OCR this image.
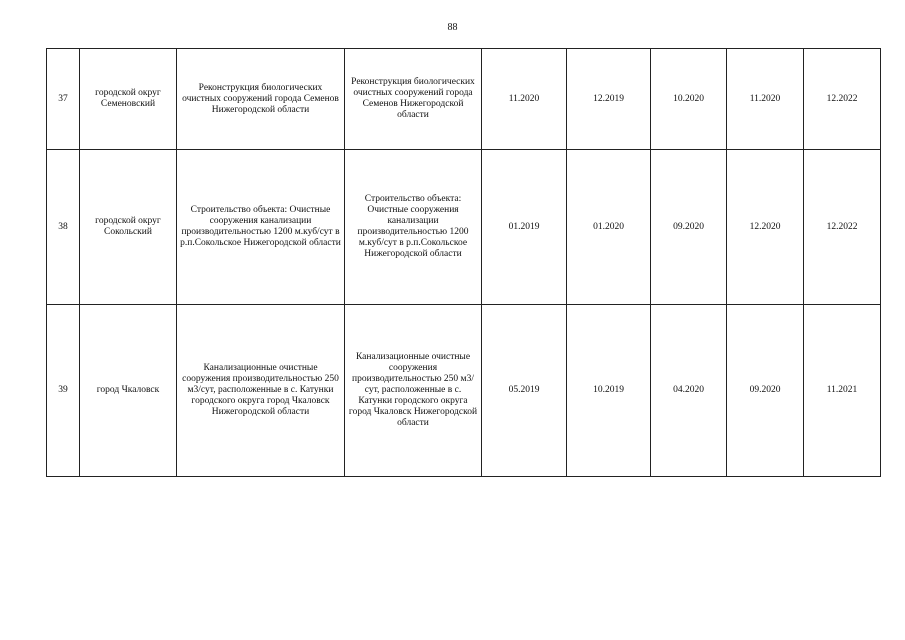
88
37	городской округ Семеновский	Реконструкция биологических очистных сооружений города Семенов Нижегородской области	Реконструкция биологических очистных сооружений города Семенов Нижегородской области	11.2020	12.2019	10.2020	11.2020	12.2022
38	городской округ Сокольский	Строительство объекта: Очистные сооружения канализации производительностью 1200 м.куб/сут в р.п.Сокольское Нижегородской области	Строительство объекта: Очистные сооружения канализации производительностью 1200 м.куб/сут в р.п.Сокольское Нижегородской области	01.2019	01.2020	09.2020	12.2020	12.2022
39	город Чкаловск	Канализационные очистные сооружения производительностью 250 м3/сут, расположенные в с. Катунки городского округа город Чкаловск Нижегородской области	Канализационные очистные сооружения производительностью 250 м3/сут, расположенные в с. Катунки городского округа город Чкаловск Нижегородской области	05.2019	10.2019	04.2020	09.2020	11.2021
